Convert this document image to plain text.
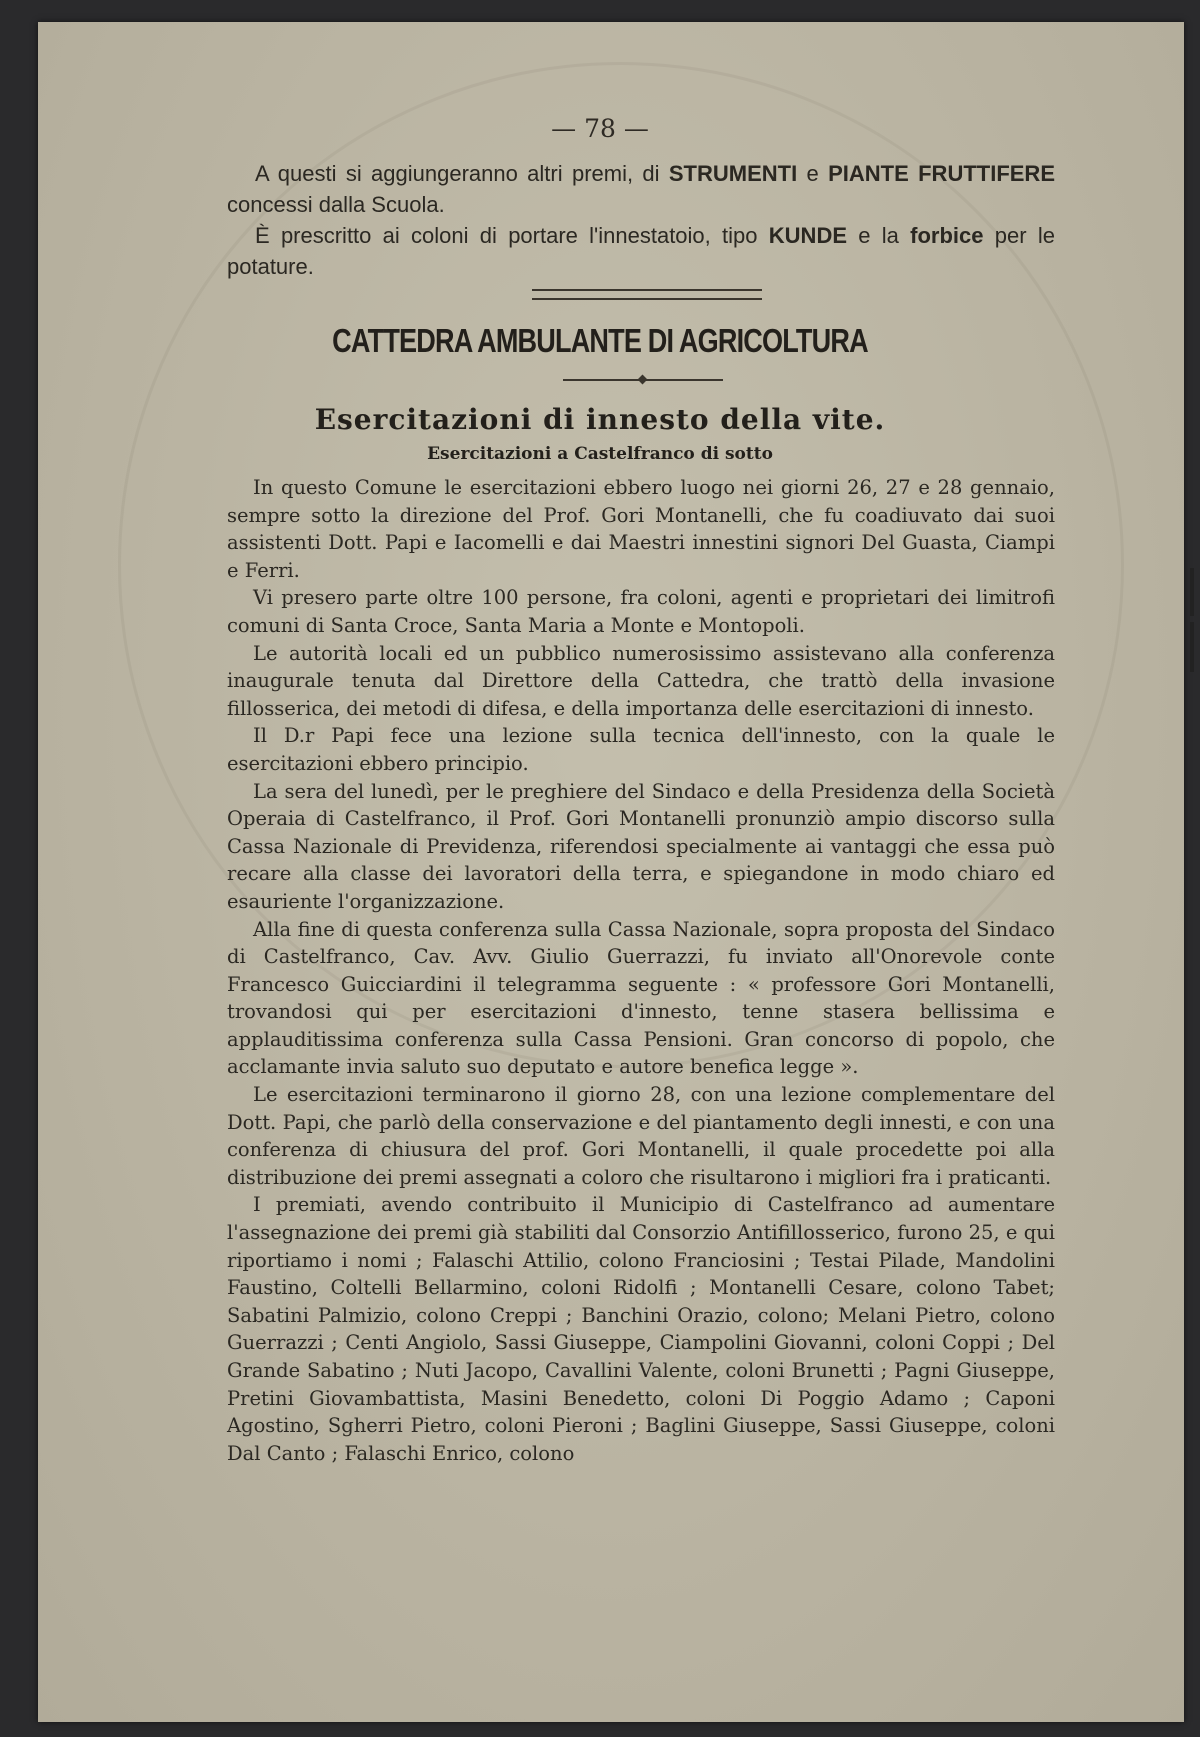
— 78 —
A questi si aggiungeranno altri premi, di STRUMENTI e PIANTE FRUTTIFERE concessi dalla Scuola.
È prescritto ai coloni di portare l'innestatoio, tipo KUNDE e la forbice per le potature.
CATTEDRA AMBULANTE DI AGRICOLTURA
Esercitazioni di innesto della vite.
Esercitazioni a Castelfranco di sotto

In questo Comune le esercitazioni ebbero luogo nei giorni 26, 27 e 28 gennaio, sempre sotto la direzione del Prof. Gori Montanelli, che fu coadiuvato dai suoi assistenti Dott. Papi e Iacomelli e dai Maestri innestini signori Del Guasta, Ciampi e Ferri.

Vi presero parte oltre 100 persone, fra coloni, agenti e proprietari dei limitrofi comuni di Santa Croce, Santa Maria a Monte e Montopoli.

Le autorità locali ed un pubblico numerosissimo assistevano alla conferenza inaugurale tenuta dal Direttore della Cattedra, che trattò della invasione fillosserica, dei metodi di difesa, e della importanza delle esercitazioni di innesto.

Il D.r Papi fece una lezione sulla tecnica dell'innesto, con la quale le esercitazioni ebbero principio.

La sera del lunedì, per le preghiere del Sindaco e della Presidenza della Società Operaia di Castelfranco, il Prof. Gori Montanelli pronunziò ampio discorso sulla Cassa Nazionale di Previdenza, riferendosi specialmente ai vantaggi che essa può recare alla classe dei lavoratori della terra, e spiegandone in modo chiaro ed esauriente l'organizzazione.

Alla fine di questa conferenza sulla Cassa Nazionale, sopra proposta del Sindaco di Castelfranco, Cav. Avv. Giulio Guerrazzi, fu inviato all'Onorevole conte Francesco Guicciardini il telegramma seguente : « professore Gori Montanelli, trovandosi qui per esercitazioni d'innesto, tenne stasera bellissima e applauditissima conferenza sulla Cassa Pensioni. Gran concorso di popolo, che acclamante invia saluto suo deputato e autore benefica legge ».

Le esercitazioni terminarono il giorno 28, con una lezione complementare del Dott. Papi, che parlò della conservazione e del piantamento degli innesti, e con una conferenza di chiusura del prof. Gori Montanelli, il quale procedette poi alla distribuzione dei premi assegnati a coloro che risultarono i migliori fra i praticanti.

I premiati, avendo contribuito il Municipio di Castelfranco ad aumentare l'assegnazione dei premi già stabiliti dal Consorzio Antifillosserico, furono 25, e qui riportiamo i nomi ; Falaschi Attilio, colono Franciosini ; Testai Pilade, Mandolini Faustino, Coltelli Bellarmino, coloni Ridolfi ; Montanelli Cesare, colono Tabet; Sabatini Palmizio, colono Creppi ; Banchini Orazio, colono; Melani Pietro, colono Guerrazzi ; Centi Angiolo, Sassi Giuseppe, Ciampolini Giovanni, coloni Coppi ; Del Grande Sabatino ; Nuti Jacopo, Cavallini Valente, coloni Brunetti ; Pagni Giuseppe, Pretini Giovambattista, Masini Benedetto, coloni Di Poggio Adamo ; Caponi Agostino, Sgherri Pietro, coloni Pieroni ; Baglini Giuseppe, Sassi Giuseppe, coloni Dal Canto ; Falaschi Enrico, colono
